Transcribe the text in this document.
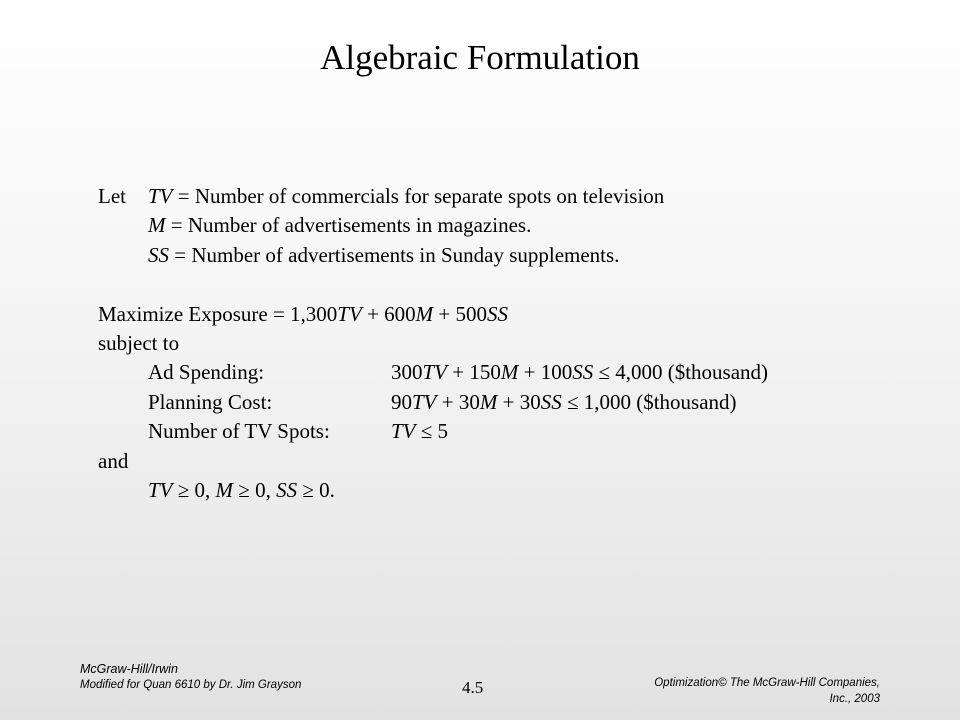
Algebraic Formulation
Let TV = Number of commercials for separate spots on television
M = Number of advertisements in magazines.
SS = Number of advertisements in Sunday supplements.
Maximize Exposure = 1,300TV + 600M + 500SS
subject to
Ad Spending:	300TV + 150M + 100SS ≤ 4,000 ($thousand)
Planning Cost:	90TV + 30M + 30SS ≤ 1,000 ($thousand)
Number of TV Spots:	TV ≤ 5
and
TV ≥ 0, M ≥ 0, SS ≥ 0.
McGraw-Hill/Irwin
Modified for Quan 6610 by Dr. Jim Grayson	4.5	Optimization© The McGraw-Hill Companies,
Inc., 2003
